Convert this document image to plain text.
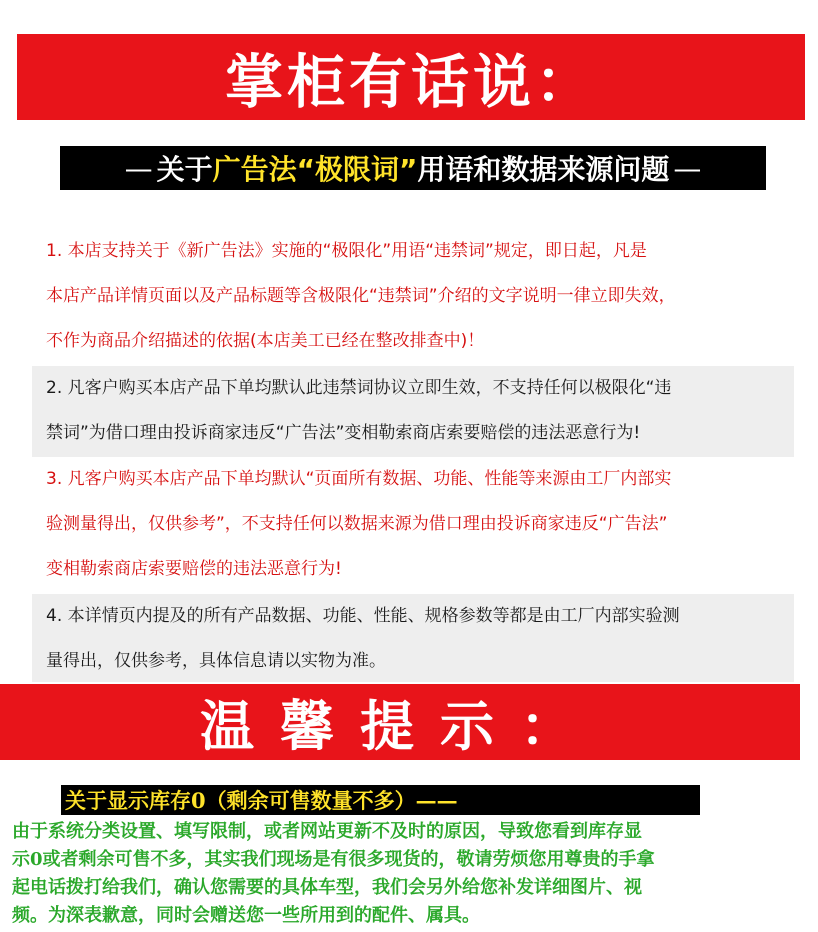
掌柜有话说：
— 关于 广告法“极限词” 用语和数据来源问题 —
1. 本店支持关于《新广告法》实施的“极限化”用语“违禁词”规定，即日起，凡是
本店产品详情页面以及产品标题等含极限化“违禁词”介绍的文字说明一律立即失效，
不作为商品介绍描述的依据(本店美工已经在整改排查中)！
2. 凡客户购买本店产品下单均默认此违禁词协议立即生效，不支持任何以极限化“违
禁词”为借口理由投诉商家违反“广告法”变相勒索商店索要赔偿的违法恶意行为!
3. 凡客户购买本店产品下单均默认“页面所有数据、功能、性能等来源由工厂内部实
验测量得出，仅供参考”，不支持任何以数据来源为借口理由投诉商家违反“广告法”
变相勒索商店索要赔偿的违法恶意行为!
4. 本详情页内提及的所有产品数据、功能、性能、规格参数等都是由工厂内部实验测
量得出，仅供参考，具体信息请以实物为准。
温馨提示：
关于显示库存0（剩余可售数量不多）——
由于系统分类设置、填写限制，或者网站更新不及时的原因，导致您看到库存显
示0或者剩余可售不多，其实我们现场是有很多现货的，敬请劳烦您用尊贵的手拿
起电话拨打给我们，确认您需要的具体车型，我们会另外给您补发详细图片、视
频。为深表歉意，同时会赠送您一些所用到的配件、属具。
